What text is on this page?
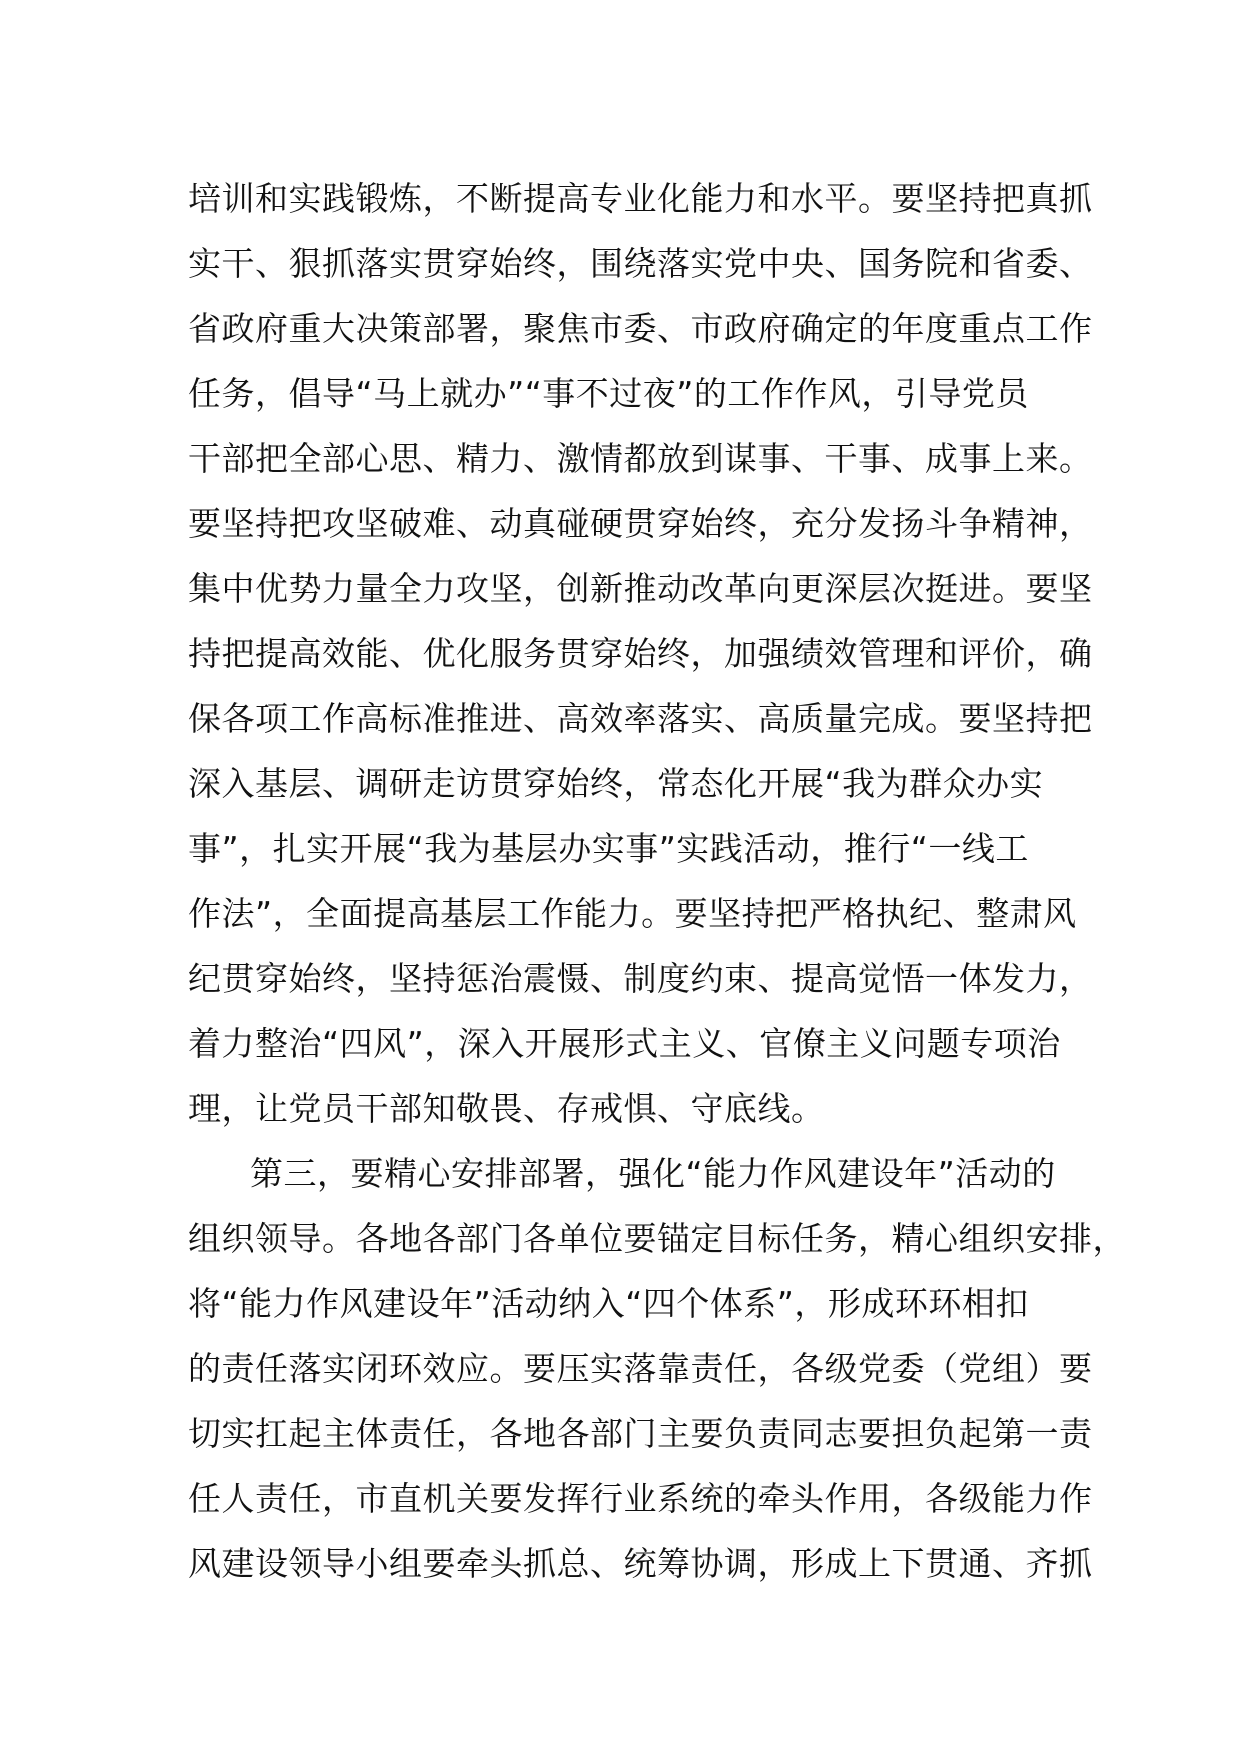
培训和实践锻炼，不断提高专业化能力和水平。要坚持把真抓
实干、狠抓落实贯穿始终，围绕落实党中央、国务院和省委、
省政府重大决策部署，聚焦市委、市政府确定的年度重点工作
任务，倡导“马上就办”“事不过夜”的工作作风，引导党员
干部把全部心思、精力、激情都放到谋事、干事、成事上来。
要坚持把攻坚破难、动真碰硬贯穿始终，充分发扬斗争精神，
集中优势力量全力攻坚，创新推动改革向更深层次挺进。要坚
持把提高效能、优化服务贯穿始终，加强绩效管理和评价，确
保各项工作高标准推进、高效率落实、高质量完成。要坚持把
深入基层、调研走访贯穿始终，常态化开展“我为群众办实
事”，扎实开展“我为基层办实事”实践活动，推行“一线工
作法”，全面提高基层工作能力。要坚持把严格执纪、整肃风
纪贯穿始终，坚持惩治震慑、制度约束、提高觉悟一体发力，
着力整治“四风”，深入开展形式主义、官僚主义问题专项治
理，让党员干部知敬畏、存戒惧、守底线。
第三，要精心安排部署，强化“能力作风建设年”活动的
组织领导。各地各部门各单位要锚定目标任务，精心组织安排，
将“能力作风建设年”活动纳入“四个体系”，形成环环相扣
的责任落实闭环效应。要压实落靠责任，各级党委（党组）要
切实扛起主体责任，各地各部门主要负责同志要担负起第一责
任人责任，市直机关要发挥行业系统的牵头作用，各级能力作
风建设领导小组要牵头抓总、统筹协调，形成上下贯通、齐抓
